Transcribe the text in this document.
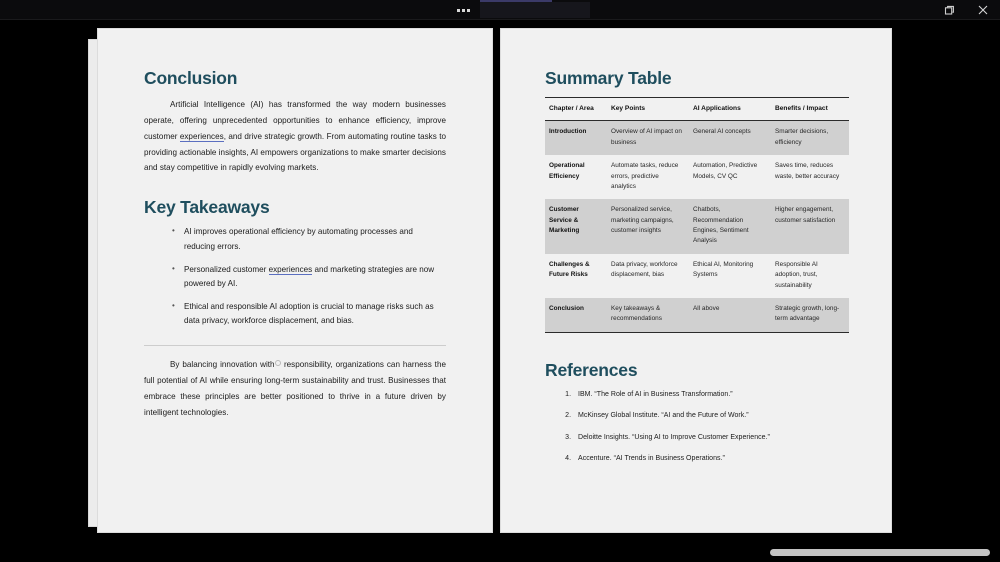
Conclusion

Artificial Intelligence (AI) has transformed the way modern businesses operate, offering unprecedented opportunities to enhance efficiency, improve customer experiences, and drive strategic growth. From automating routine tasks to providing actionable insights, AI empowers organizations to make smarter decisions and stay competitive in rapidly evolving markets.

Key Takeaways
• AI improves operational efficiency by automating processes and reducing errors.
• Personalized customer experiences and marketing strategies are now powered by AI.
• Ethical and responsible AI adoption is crucial to manage risks such as data privacy, workforce displacement, and bias.

By balancing innovation with responsibility, organizations can harness the full potential of AI while ensuring long-term sustainability and trust. Businesses that embrace these principles are better positioned to thrive in a future driven by intelligent technologies.

Summary Table
Chapter / Area	Key Points	AI Applications	Benefits / Impact
Introduction	Overview of AI impact on business	General AI concepts	Smarter decisions, efficiency
Operational Efficiency	Automate tasks, reduce errors, predictive analytics	Automation, Predictive Models, CV QC	Saves time, reduces waste, better accuracy
Customer Service & Marketing	Personalized service, marketing campaigns, customer insights	Chatbots, Recommendation Engines, Sentiment Analysis	Higher engagement, customer satisfaction
Challenges & Future Risks	Data privacy, workforce displacement, bias	Ethical AI, Monitoring Systems	Responsible AI adoption, trust, sustainability
Conclusion	Key takeaways & recommendations	All above	Strategic growth, long-term advantage
References
1. IBM. “The Role of AI in Business Transformation.”
2. McKinsey Global Institute. “AI and the Future of Work.”
3. Deloitte Insights. “Using AI to Improve Customer Experience.”
4. Accenture. “AI Trends in Business Operations.”
